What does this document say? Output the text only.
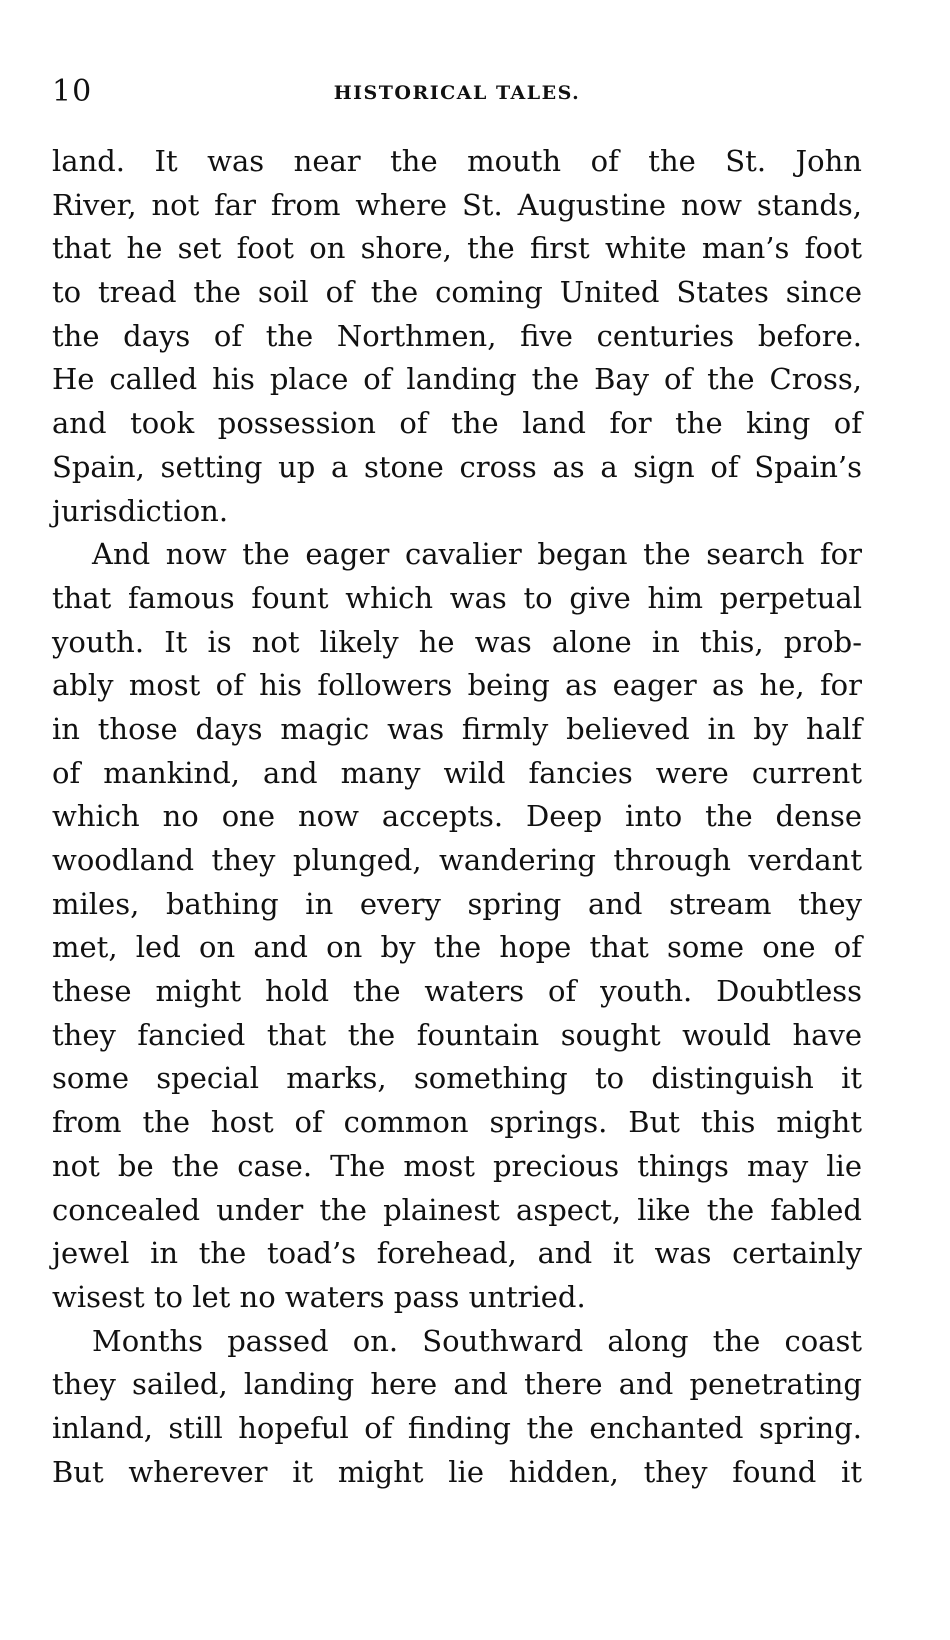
10	HISTORICAL TALES.
land. It was near the mouth of the St. John
River, not far from where St. Augustine now stands,
that he set foot on shore, the first white man’s foot
to tread the soil of the coming United States since
the days of the Northmen, five centuries before.
He called his place of landing the Bay of the Cross,
and took possession of the land for the king of
Spain, setting up a stone cross as a sign of Spain’s
jurisdiction.
And now the eager cavalier began the search for
that famous fount which was to give him perpetual
youth. It is not likely he was alone in this, prob-
ably most of his followers being as eager as he, for
in those days magic was firmly believed in by half
of mankind, and many wild fancies were current
which no one now accepts. Deep into the dense
woodland they plunged, wandering through verdant
miles, bathing in every spring and stream they
met, led on and on by the hope that some one of
these might hold the waters of youth. Doubtless
they fancied that the fountain sought would have
some special marks, something to distinguish it
from the host of common springs. But this might
not be the case. The most precious things may lie
concealed under the plainest aspect, like the fabled
jewel in the toad’s forehead, and it was certainly
wisest to let no waters pass untried.
Months passed on. Southward along the coast
they sailed, landing here and there and penetrating
inland, still hopeful of finding the enchanted spring.
But wherever it might lie hidden, they found it
